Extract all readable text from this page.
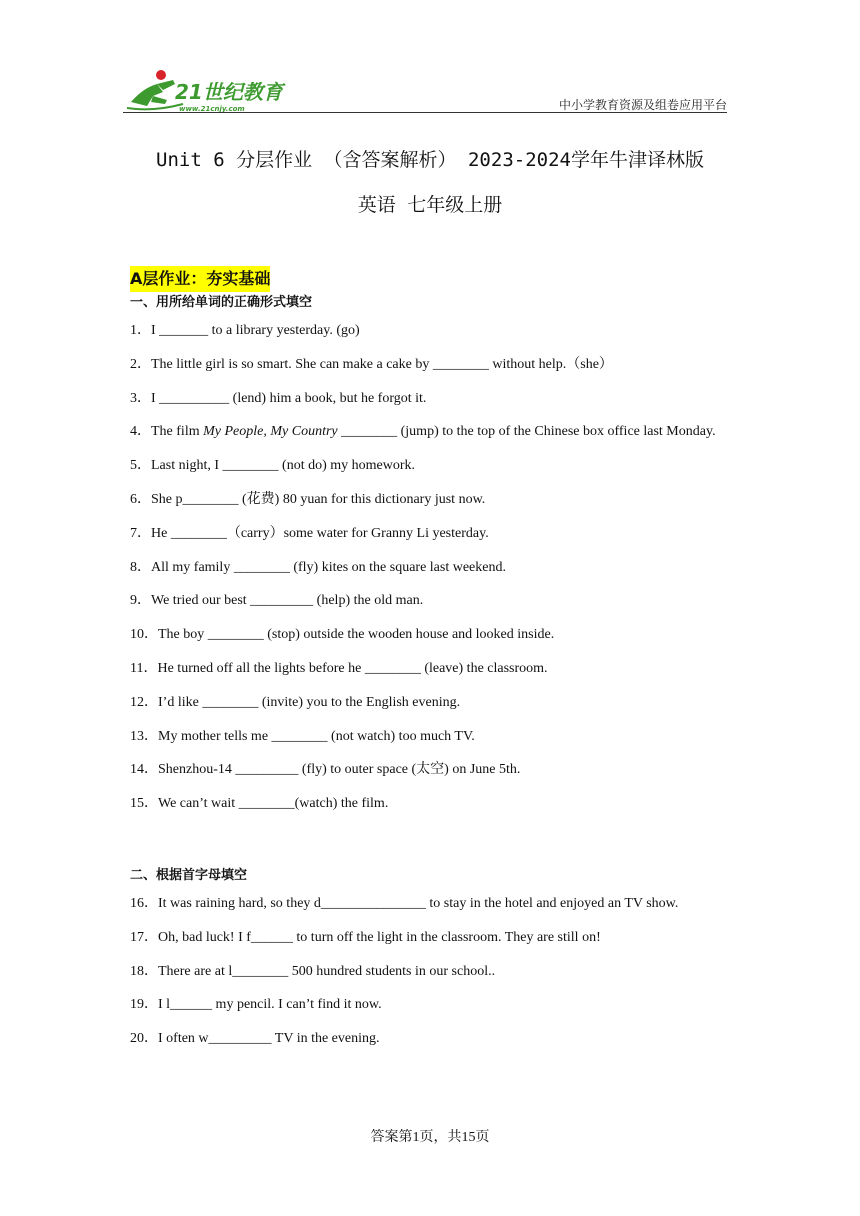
21世纪教育
www.21cnjy.com	中小学教育资源及组卷应用平台
Unit 6 分层作业 （含答案解析） 2023-2024学年牛津译林版
英语 七年级上册
A层作业：夯实基础

一、用所给单词的正确形式填空

1．I _______ to a library yesterday. (go)

2．The little girl is so smart. She can make a cake by ________ without help.（she）

3．I __________ (lend) him a book, but he forgot it.

4．The film My People, My Country ________ (jump) to the top of the Chinese box office last Monday.

5．Last night, I ________ (not do) my homework.

6．She p________ (花费) 80 yuan for this dictionary just now.

7．He ________（carry）some water for Granny Li yesterday.

8．All my family ________ (fly) kites on the square last weekend.

9．We tried our best _________ (help) the old man.

10．The boy ________ (stop) outside the wooden house and looked inside.

11．He turned off all the lights before he ________ (leave) the classroom.

12．I’d like ________ (invite) you to the English evening.

13．My mother tells me ________ (not watch) too much TV.

14．Shenzhou-14 _________ (fly) to outer space (太空) on June 5th.

15．We can’t wait ________(watch) the film.

二、根据首字母填空

16．It was raining hard, so they d_______________ to stay in the hotel and enjoyed an TV show.

17．Oh, bad luck! I f______ to turn off the light in the classroom. They are still on!

18．There are at l________ 500 hundred students in our school..

19．I l______ my pencil. I can’t find it now.

20．I often w_________ TV in the evening.

答案第1页，共15页
